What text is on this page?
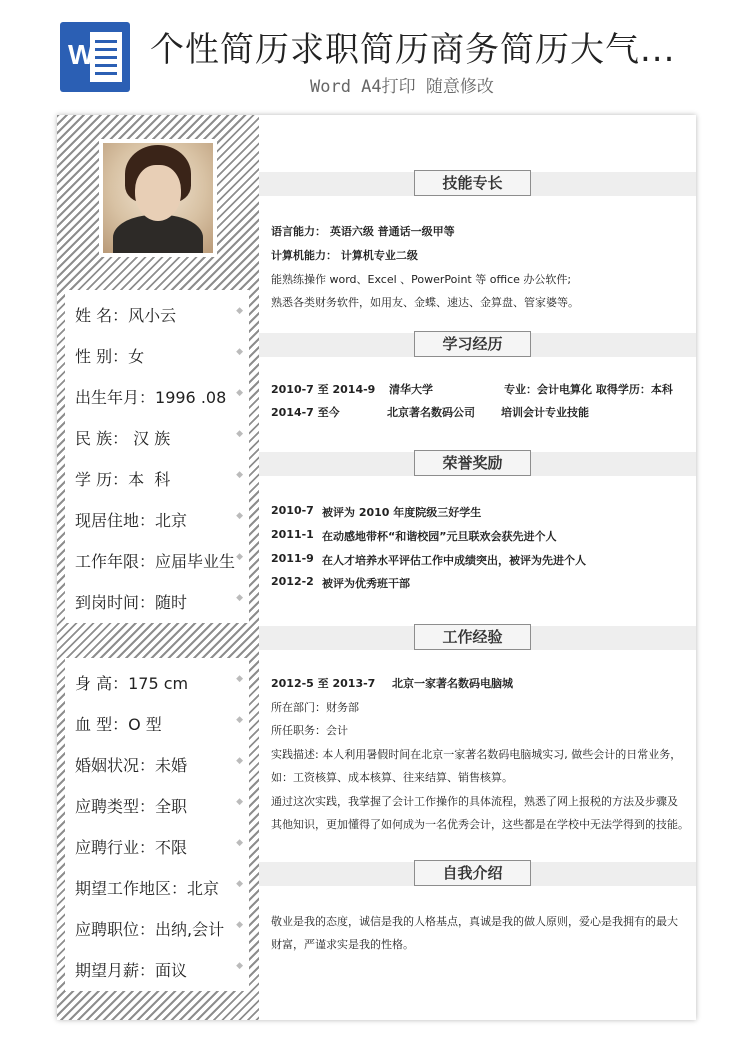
W 个性简历求职简历商务简历大气...
Word A4打印 随意修改
姓 名：风小云	◆
性 别：女	◆
出生年月：1996 .08 ◆
民 族： 汉 族	◆
学 历：本  科	◆
现居住地：北京	◆
工作年限：应届毕业生 ◆
到岗时间：随时	◆
身 高：175 cm	◆
血 型：O 型	◆
婚姻状况：未婚	◆
应聘类型：全职	◆
应聘行业：不限	◆
期望工作地区：北京 ◆
应聘职位：出纳,会计 ◆
期望月薪：面议	◆
技能专长
语言能力： 英语六级 普通话一级甲等
计算机能力： 计算机专业二级
能熟练操作 word、Excel 、PowerPoint 等 office 办公软件;
熟悉各类财务软件，如用友、金蝶、速达、金算盘、管家婆等。
学习经历
2010-7 至 2014-9 清华大学	专业：会计电算化 取得学历：本科
2014-7 至今	北京著名数码公司 培训会计专业技能
荣誉奖励
2010-7 被评为 2010 年度院级三好学生
2011-1 在动感地带杯“和谐校园”元旦联欢会获先进个人
2011-9 在人才培养水平评估工作中成绩突出，被评为先进个人
2012-2 被评为优秀班干部
工作经验
2012-5 至 2013-7 北京一家著名数码电脑城
所在部门：财务部
所任职务：会计
实践描述: 本人利用暑假时间在北京一家著名数码电脑城实习, 做些会计的日常业务，
如：工资核算、成本核算、往来结算、销售核算。
通过这次实践，我掌握了会计工作操作的具体流程，熟悉了网上报税的方法及步骤及
其他知识，更加懂得了如何成为一名优秀会计，这些都是在学校中无法学得到的技能。
自我介绍
敬业是我的态度，诚信是我的人格基点，真诚是我的做人原则，爱心是我拥有的最大
财富，严谨求实是我的性格。
